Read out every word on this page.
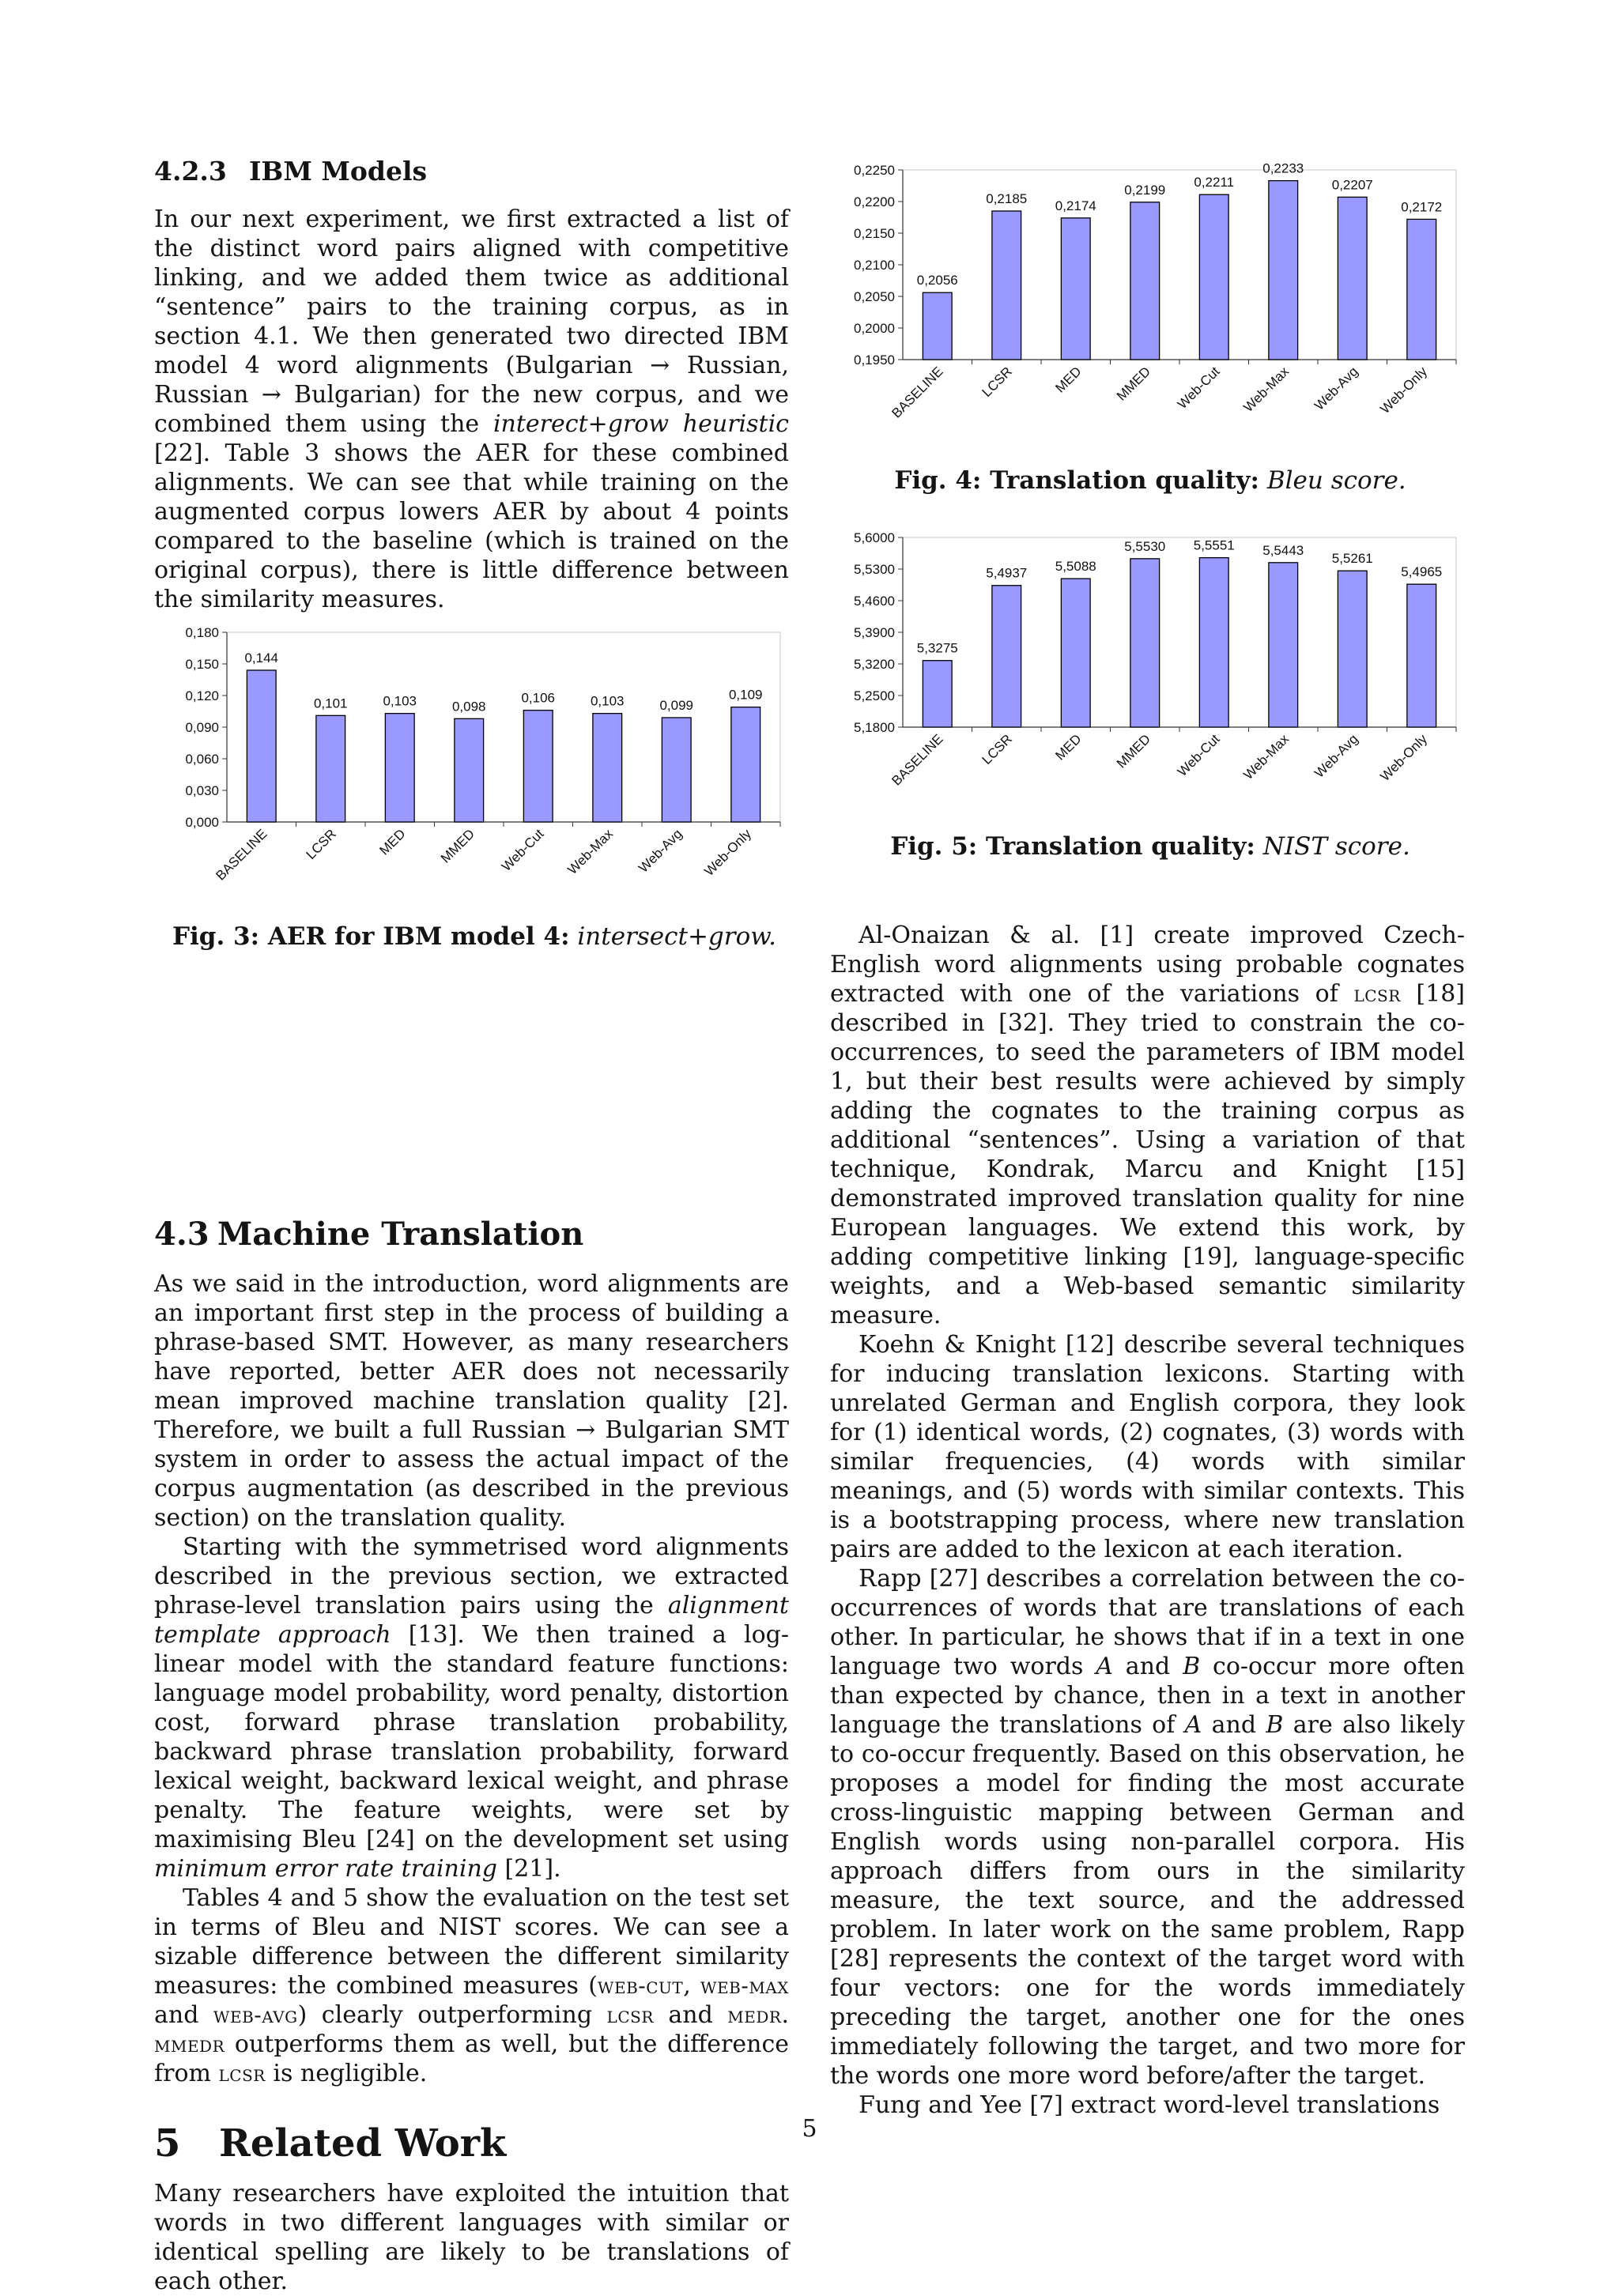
4.2.3 IBM Models

In our next experiment, we first extracted a list of the distinct word pairs aligned with competitive linking, and we added them twice as additional “sentence” pairs to the training corpus, as in section 4.1. We then generated two directed IBM model 4 word alignments (Bulgarian → Russian, Russian → Bulgarian) for the new corpus, and we combined them using the interect+grow heuristic [22]. Table 3 shows the AER for these combined alignments. We can see that while training on the augmented corpus lowers AER by about 4 points compared to the baseline (which is trained on the original corpus), there is little difference between the similarity measures.

4.3 Machine Translation

As we said in the introduction, word alignments are an important first step in the process of building a phrase-based SMT. However, as many researchers have reported, better AER does not necessarily mean improved machine translation quality [2]. Therefore, we built a full Russian → Bulgarian SMT system in order to assess the actual impact of the corpus augmentation (as described in the previous section) on the translation quality.

Starting with the symmetrised word alignments described in the previous section, we extracted phrase-level translation pairs using the alignment template approach [13]. We then trained a log-linear model with the standard feature functions: language model probability, word penalty, distortion cost, forward phrase translation probability, backward phrase translation probability, forward lexical weight, backward lexical weight, and phrase penalty. The feature weights, were set by maximising Bleu [24] on the development set using minimum error rate training [21].

Tables 4 and 5 show the evaluation on the test set in terms of Bleu and NIST scores. We can see a sizable difference between the different similarity measures: the combined measures (web-cut, web-max and web-avg) clearly outperforming lcsr and medr. mmedr outperforms them as well, but the difference from lcsr is negligible.

5 Related Work

Many researchers have exploited the intuition that words in two different languages with similar or identical spelling are likely to be translations of each other.

0,000
0,030
0,060
0,090
0,120
0,150
0,180
0,144
BASELINE
0,101
LCSR
0,103
MED
0,098
MMED
0,106
Web-Cut
0,103
Web-Max
0,099
Web-Avg
0,109
Web-Only
Fig. 3: AER for IBM model 4: intersect+grow.
0,1950
0,2000
0,2050
0,2100
0,2150
0,2200
0,2250
0,2056
BASELINE
0,2185
LCSR
0,2174
MED
0,2199
MMED
0,2211
Web-Cut
0,2233
Web-Max
0,2207
Web-Avg
0,2172
Web-Only
Fig. 4: Translation quality: Bleu score.
5,1800
5,2500
5,3200
5,3900
5,4600
5,5300
5,6000
5,3275
BASELINE
5,4937
LCSR
5,5088
MED
5,5530
MMED
5,5551
Web-Cut
5,5443
Web-Max
5,5261
Web-Avg
5,4965
Web-Only
Fig. 5: Translation quality: NIST score.

Al-Onaizan & al. [1] create improved Czech-English word alignments using probable cognates extracted with one of the variations of lcsr [18] described in [32]. They tried to constrain the co-occurrences, to seed the parameters of IBM model 1, but their best results were achieved by simply adding the cognates to the training corpus as additional “sentences”. Using a variation of that technique, Kondrak, Marcu and Knight [15] demonstrated improved translation quality for nine European languages. We extend this work, by adding competitive linking [19], language-specific weights, and a Web-based semantic similarity measure.

Koehn & Knight [12] describe several techniques for inducing translation lexicons. Starting with unrelated German and English corpora, they look for (1) identical words, (2) cognates, (3) words with similar frequencies, (4) words with similar meanings, and (5) words with similar contexts. This is a bootstrapping process, where new translation pairs are added to the lexicon at each iteration.

Rapp [27] describes a correlation between the co-occurrences of words that are translations of each other. In particular, he shows that if in a text in one language two words A and B co-occur more often than expected by chance, then in a text in another language the translations of A and B are also likely to co-occur frequently. Based on this observation, he proposes a model for finding the most accurate cross-linguistic mapping between German and English words using non-parallel corpora. His approach differs from ours in the similarity measure, the text source, and the addressed problem. In later work on the same problem, Rapp [28] represents the context of the target word with four vectors: one for the words immediately preceding the target, another one for the ones immediately following the target, and two more for the words one more word before/after the target.

Fung and Yee [7] extract word-level translations

5
